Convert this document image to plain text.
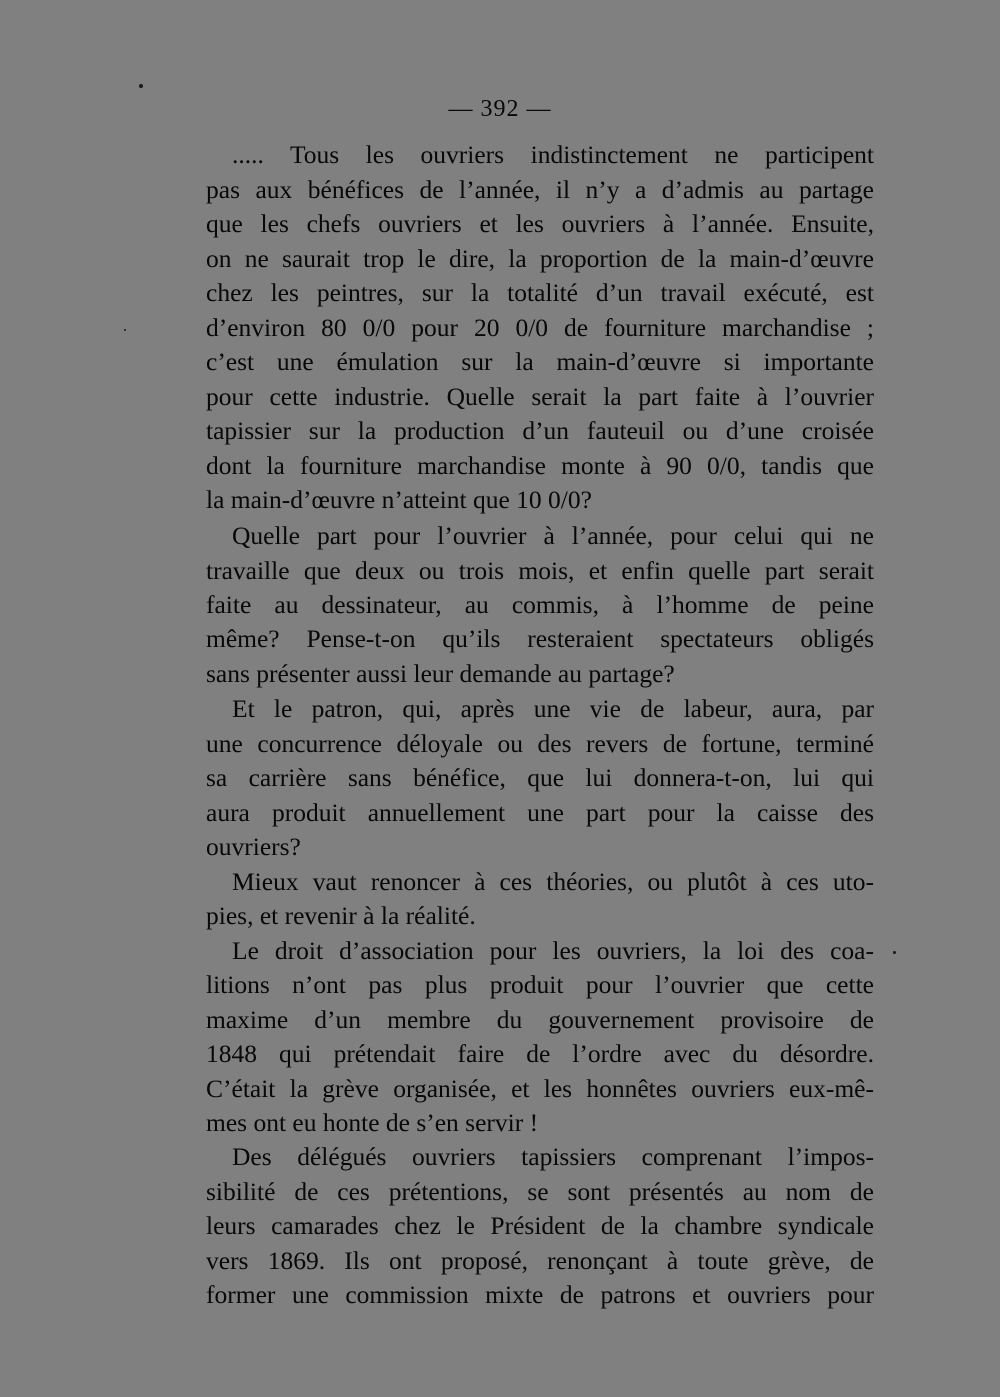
— 392 —
..... Tous les ouvriers indistinctement ne participent
pas aux bénéfices de l’année, il n’y a d’admis au partage
que les chefs ouvriers et les ouvriers à l’année. Ensuite,
on ne saurait trop le dire, la proportion de la main-d’œuvre
chez les peintres, sur la totalité d’un travail exécuté, est
d’environ 80 0/0 pour 20 0/0 de fourniture marchandise ;
c’est une émulation sur la main-d’œuvre si importante
pour cette industrie. Quelle serait la part faite à l’ouvrier
tapissier sur la production d’un fauteuil ou d’une croisée
dont la fourniture marchandise monte à 90 0/0, tandis que
la main-d’œuvre n’atteint que 10 0/0?
Quelle part pour l’ouvrier à l’année, pour celui qui ne
travaille que deux ou trois mois, et enfin quelle part serait
faite au dessinateur, au commis, à l’homme de peine
même? Pense-t-on qu’ils resteraient spectateurs obligés
sans présenter aussi leur demande au partage?
Et le patron, qui, après une vie de labeur, aura, par
une concurrence déloyale ou des revers de fortune, terminé
sa carrière sans bénéfice, que lui donnera-t-on, lui qui
aura produit annuellement une part pour la caisse des
ouvriers?
Mieux vaut renoncer à ces théories, ou plutôt à ces uto-
pies, et revenir à la réalité.
Le droit d’association pour les ouvriers, la loi des coa-
litions n’ont pas plus produit pour l’ouvrier que cette
maxime d’un membre du gouvernement provisoire de
1848 qui prétendait faire de l’ordre avec du désordre.
C’était la grève organisée, et les honnêtes ouvriers eux-mê-
mes ont eu honte de s’en servir !
Des délégués ouvriers tapissiers comprenant l’impos-
sibilité de ces prétentions, se sont présentés au nom de
leurs camarades chez le Président de la chambre syndicale
vers 1869. Ils ont proposé, renonçant à toute grève, de
former une commission mixte de patrons et ouvriers pour
